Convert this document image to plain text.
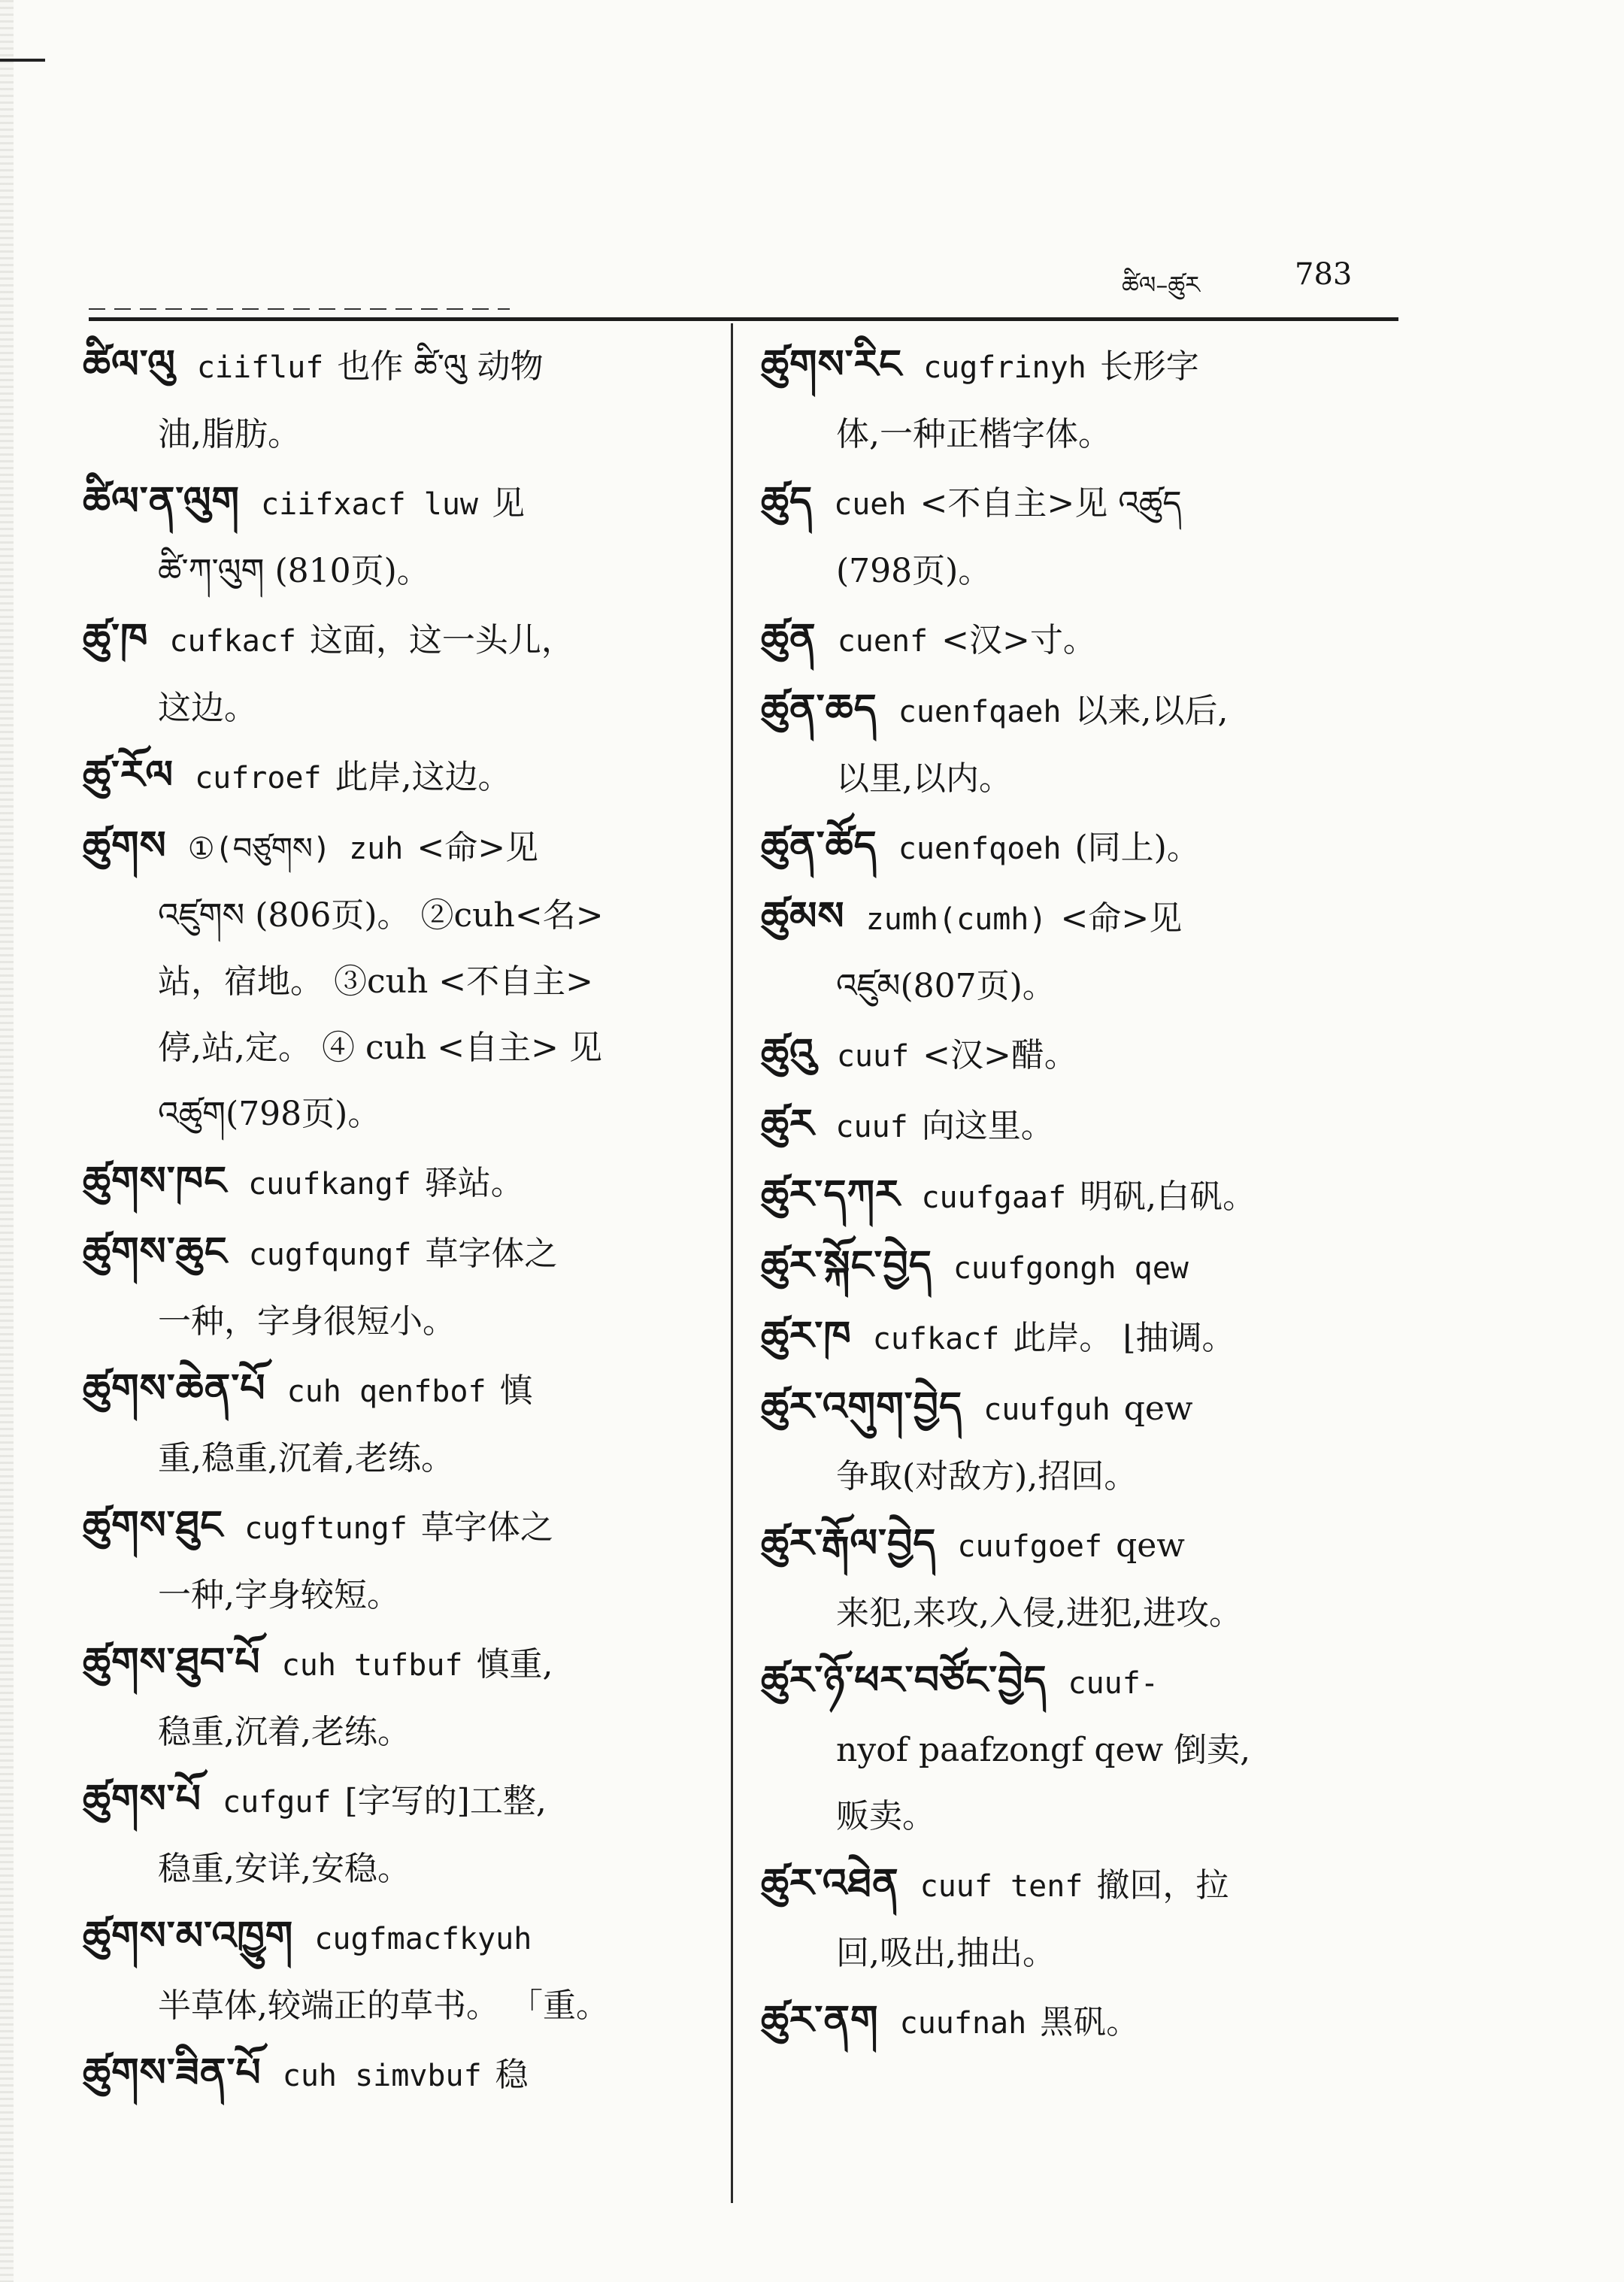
ཚིལ–ཚུར	783
ཚིལ་ལུ ciifluf 也作 ཚི་ལུ 动物
油,脂肪。
ཚིལ་ན་ལུག ciifxacf luw 见
ཚི་ཀ་ལུག (810页)。
ཚུ་ཁ cufkacf 这面，这一头儿，
这边。
ཚུ་རོལ cufroef 此岸,这边。
ཚུགས ①(བཙུགས) zuh <命>见
འཛུགས (806页)。 ②cuh<名>
站，宿地。 ③cuh <不自主>
停,站,定。 ④ cuh <自主> 见
འཚུག(798页)。
ཚུགས་ཁང cuufkangf 驿站。
ཚུགས་ཆུང cugfqungf 草字体之
一种，字身很短小。
ཚུགས་ཆེན་པོ cuh qenfbof 慎
重,稳重,沉着,老练。
ཚུགས་ཐུང cugftungf 草字体之
一种,字身较短。
ཚུགས་ཐུབ་པོ cuh tufbuf 慎重,
稳重,沉着,老练。
ཚུགས་པོ cufguf [字写的]工整,
稳重,安详,安稳。
ཚུགས་མ་འཁྱུག cugfmacfkyuh
半草体,较端正的草书。 「重。
ཚུགས་ཟིན་པོ cuh simvbuf 稳
ཚུགས་རིང cugfrinyh 长形字
体,一种正楷字体。
ཚུད cueh <不自主>见 འཚུད
(798页)。
ཚུན cuenf <汉>寸。
ཚུན་ཆད cuenfqaeh 以来,以后,
以里,以内。
ཚུན་ཚོད cuenfqoeh (同上)。
ཚུམས zumh(cumh) <命>见
འཛུམ(807页)。
ཚུའུ cuuf <汉>醋。
ཚུར cuuf 向这里。
ཚུར་དཀར cuufgaaf 明矾,白矾。
ཚུར་སྐོང་བྱེད cuufgongh qew
ཚུར་ཁ cufkacf 此岸。 ⌊抽调。
ཚུར་འགུག་བྱེད cuufguh qew
争取(对敌方),招回。
ཚུར་རྒོལ་བྱེད cuufgoef qew
来犯,来攻,入侵,进犯,进攻。
ཚུར་ཉོ་ཕར་བཙོང་བྱེད cuuf-
nyof paafzongf qew 倒卖,
贩卖。
ཚུར་འཐེན cuuf tenf 撤回，拉
回,吸出,抽出。
ཚུར་ནག cuufnah 黑矾。
